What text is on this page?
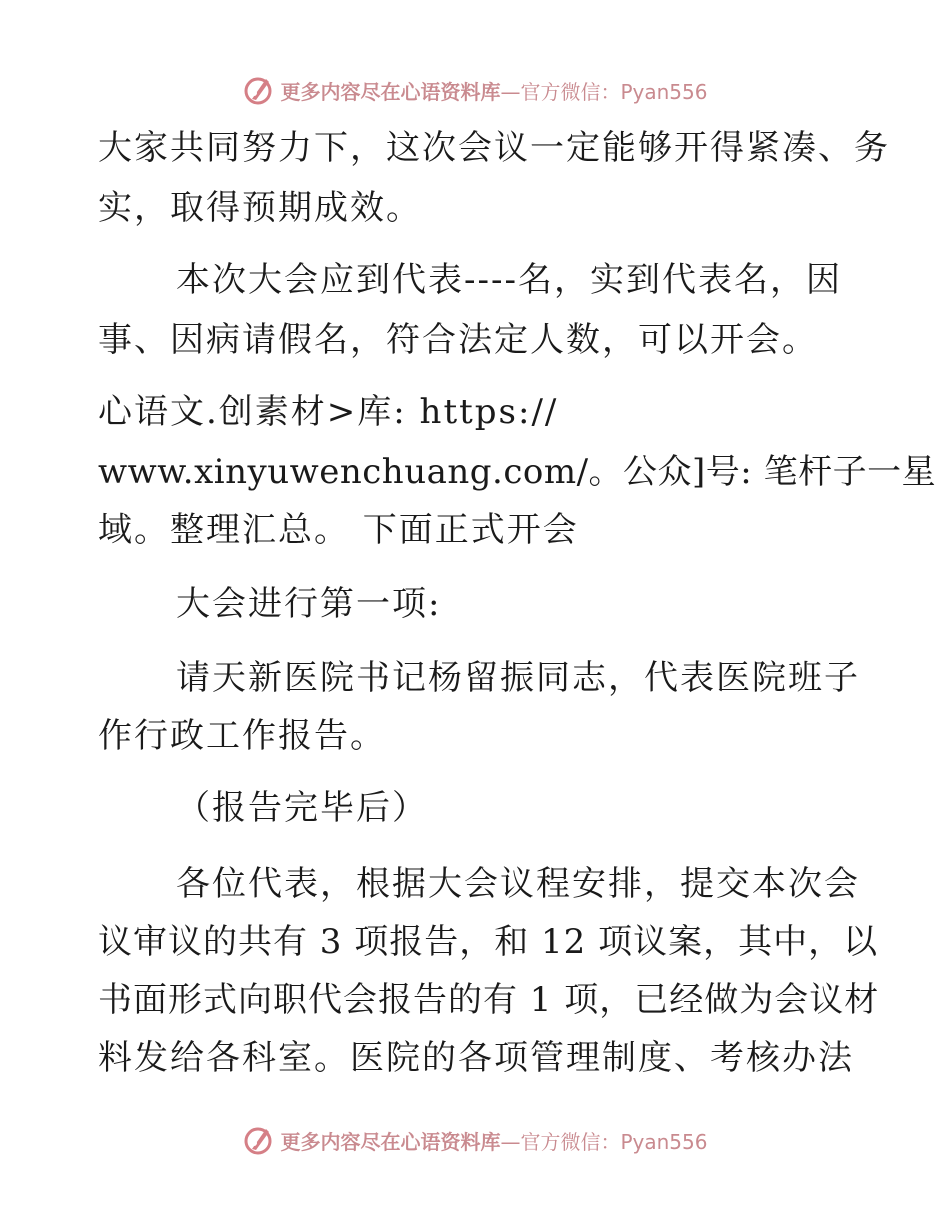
更多内容尽在心语资料库 —官方微信：Pyan556
大家共同努力下，这次会议一定能够开得紧凑、务
实，取得预期成效。
本次大会应到代表----名，实到代表名，因
事、因病请假名，符合法定人数，可以开会。
心语文.创素材>库: https://
www.xinyuwenchuang.com/。公众]号: 笔杆子一星
域。整理汇总。 下面正式开会
大会进行第一项:
请天新医院书记杨留振同志，代表医院班子
作行政工作报告。
（报告完毕后）
各位代表，根据大会议程安排，提交本次会
议审议的共有 3 项报告，和 12 项议案，其中，以
书面形式向职代会报告的有 1 项，已经做为会议材
料发给各科室。医院的各项管理制度、考核办法
更多内容尽在心语资料库 —官方微信：Pyan556
